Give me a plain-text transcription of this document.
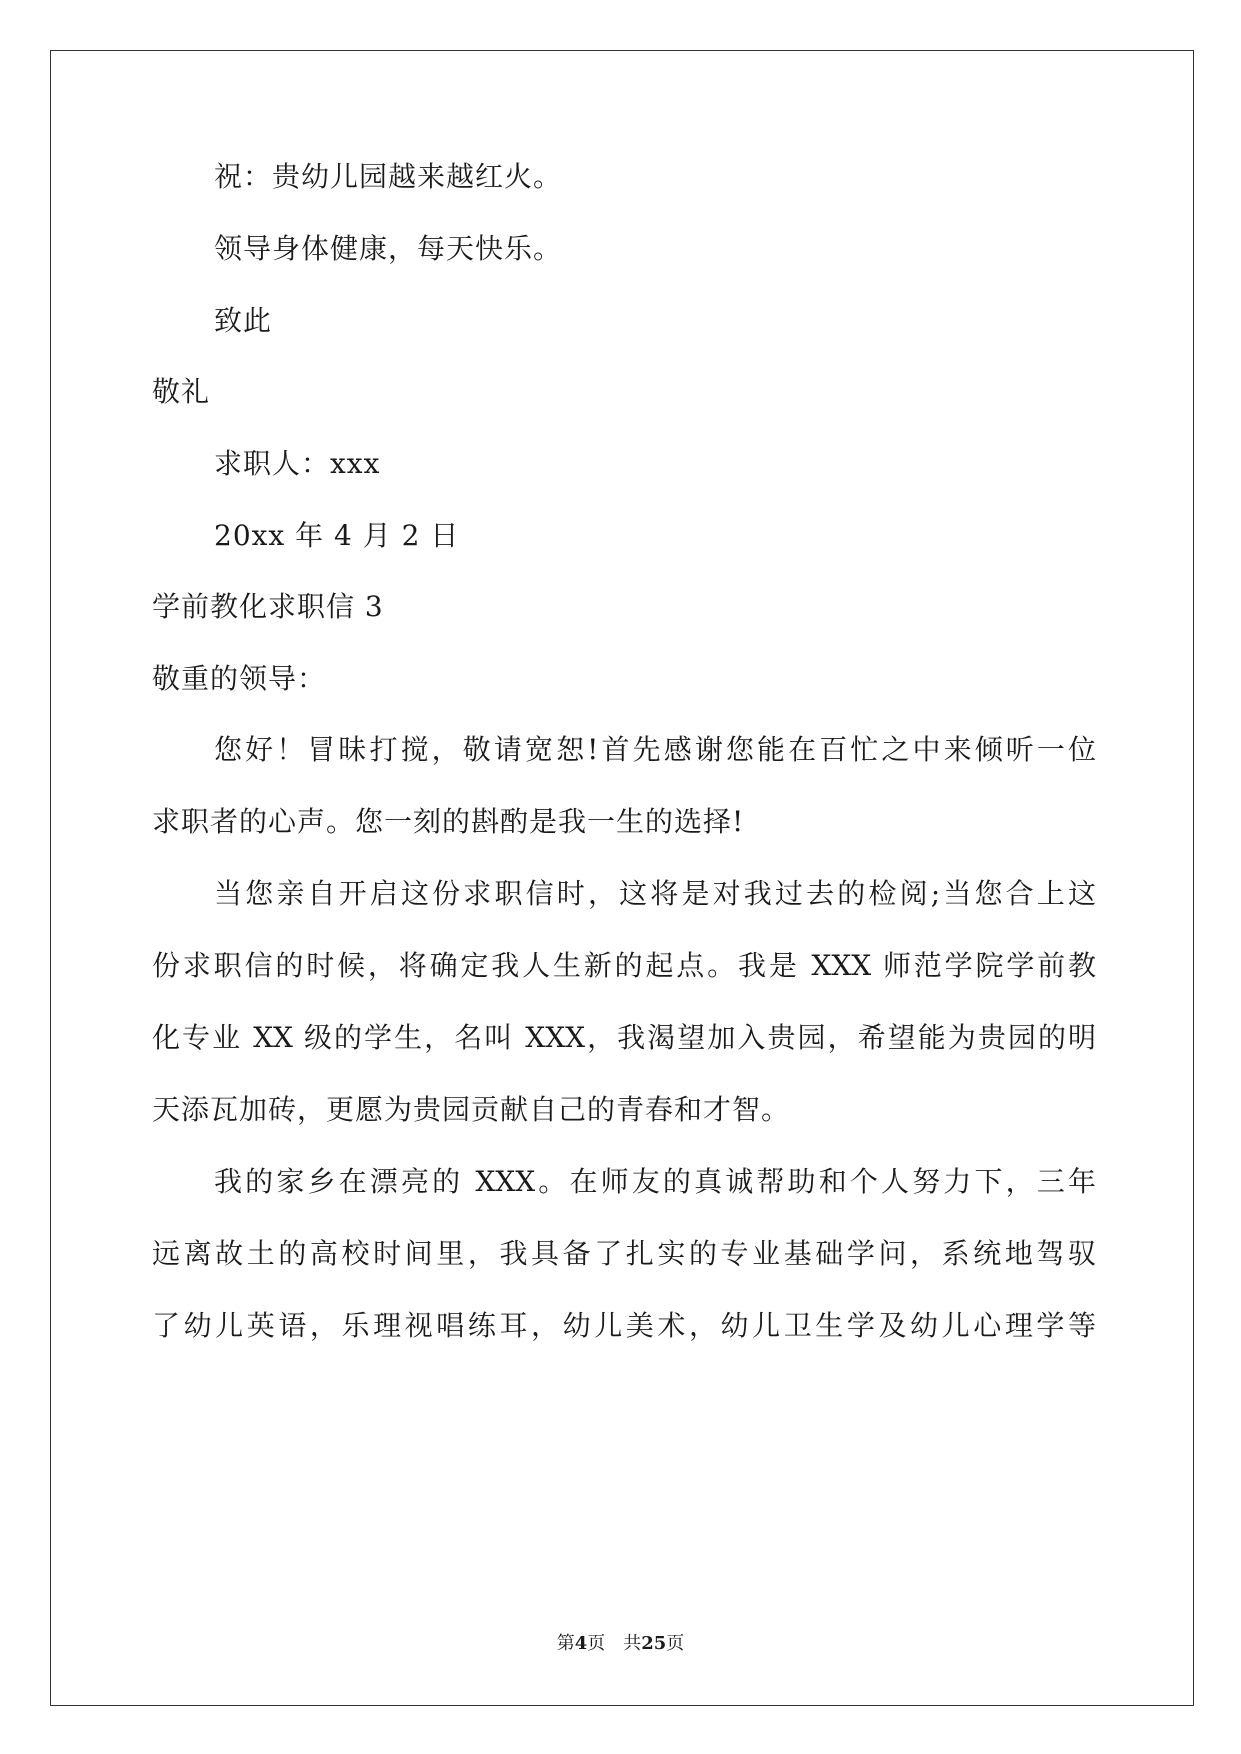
祝：贵幼儿园越来越红火。
领导身体健康，每天快乐。
致此
敬礼
求职人：xxx
20xx 年 4 月 2 日
学前教化求职信 3
敬重的领导：
您好！冒昧打搅，敬请宽恕!首先感谢您能在百忙之中来倾听一位
求职者的心声。您一刻的斟酌是我一生的选择!
当您亲自开启这份求职信时，这将是对我过去的检阅;当您合上这
份求职信的时候，将确定我人生新的起点。我是 XXX 师范学院学前教
化专业 XX 级的学生，名叫 XXX，我渴望加入贵园，希望能为贵园的明
天添瓦加砖，更愿为贵园贡献自己的青春和才智。
我的家乡在漂亮的 XXX。在师友的真诚帮助和个人努力下，三年
远离故土的高校时间里，我具备了扎实的专业基础学问，系统地驾驭
了幼儿英语，乐理视唱练耳，幼儿美术，幼儿卫生学及幼儿心理学等
第4页 共25页
